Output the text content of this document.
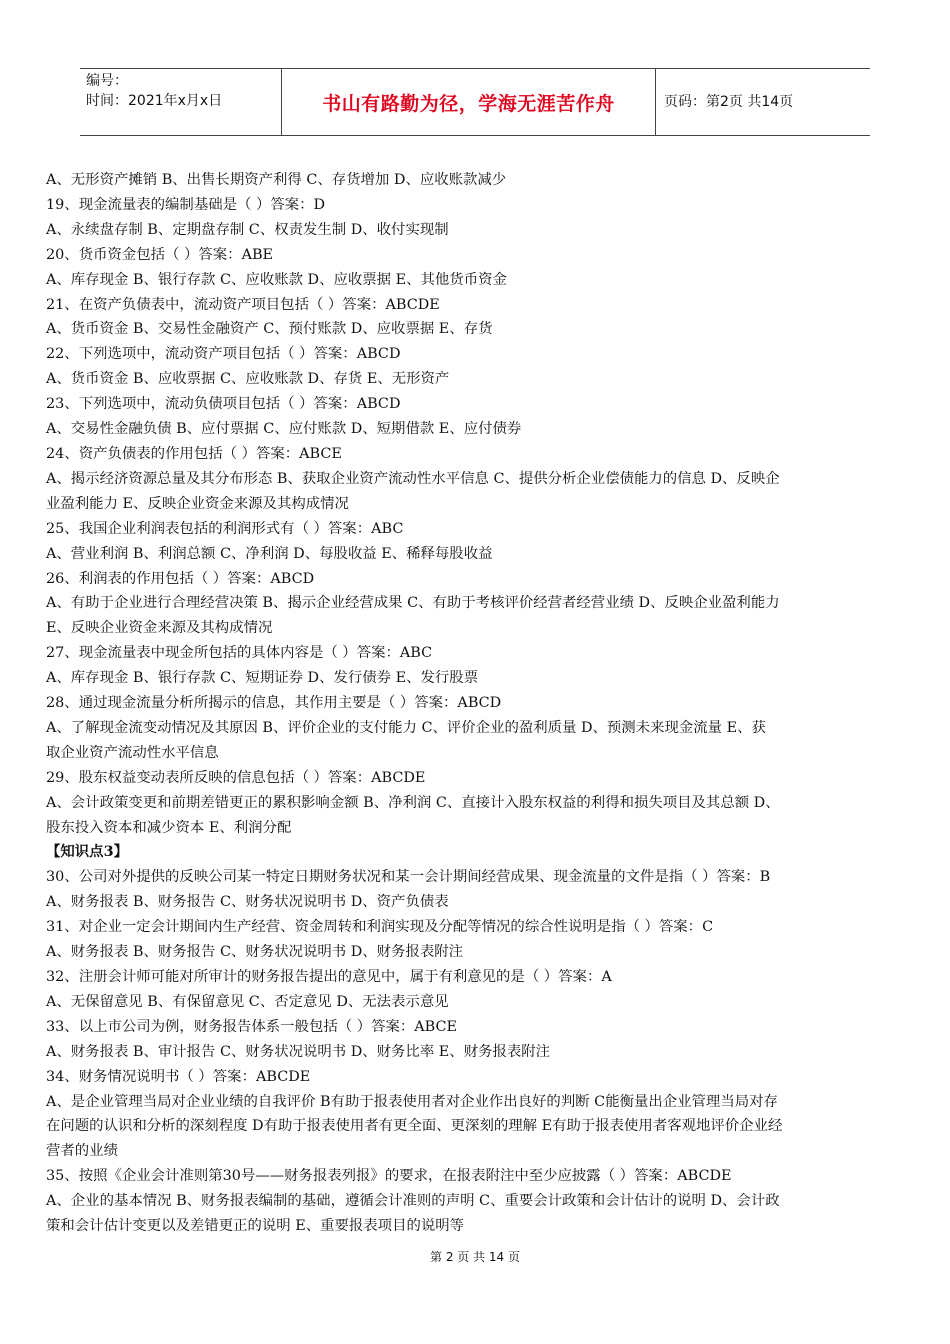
编号：
时间：2021年x月x日	书山有路勤为径，学海无涯苦作舟	页码：第2页 共14页
A、无形资产摊销 B、出售长期资产利得 C、存货增加 D、应收账款减少
19、现金流量表的编制基础是（ ）答案：D
A、永续盘存制 B、定期盘存制 C、权责发生制 D、收付实现制
20、货币资金包括（ ）答案：ABE
A、库存现金 B、银行存款 C、应收账款 D、应收票据 E、其他货币资金
21、在资产负债表中，流动资产项目包括（ ）答案：ABCDE
A、货币资金 B、交易性金融资产 C、预付账款 D、应收票据 E、存货
22、下列选项中，流动资产项目包括（ ）答案：ABCD
A、货币资金 B、应收票据 C、应收账款 D、存货 E、无形资产
23、下列选项中，流动负债项目包括（ ）答案：ABCD
A、交易性金融负债 B、应付票据 C、应付账款 D、短期借款 E、应付债券
24、资产负债表的作用包括（ ）答案：ABCE
A、揭示经济资源总量及其分布形态 B、获取企业资产流动性水平信息 C、提供分析企业偿债能力的信息 D、反映企
业盈利能力 E、反映企业资金来源及其构成情况
25、我国企业利润表包括的利润形式有（ ）答案：ABC
A、营业利润 B、利润总额 C、净利润 D、每股收益 E、稀释每股收益
26、利润表的作用包括（ ）答案：ABCD
A、有助于企业进行合理经营决策 B、揭示企业经营成果 C、有助于考核评价经营者经营业绩 D、反映企业盈利能力
E、反映企业资金来源及其构成情况
27、现金流量表中现金所包括的具体内容是（ ）答案：ABC
A、库存现金 B、银行存款 C、短期证券 D、发行债券 E、发行股票
28、通过现金流量分析所揭示的信息，其作用主要是（ ）答案：ABCD
A、了解现金流变动情况及其原因 B、评价企业的支付能力 C、评价企业的盈利质量 D、预测未来现金流量 E、获
取企业资产流动性水平信息
29、股东权益变动表所反映的信息包括（ ）答案：ABCDE
A、会计政策变更和前期差错更正的累积影响金额 B、净利润 C、直接计入股东权益的利得和损失项目及其总额 D、
股东投入资本和减少资本 E、利润分配
【知识点3】
30、公司对外提供的反映公司某一特定日期财务状况和某一会计期间经营成果、现金流量的文件是指（ ）答案：B
A、财务报表 B、财务报告 C、财务状况说明书 D、资产负债表
31、对企业一定会计期间内生产经营、资金周转和利润实现及分配等情况的综合性说明是指（ ）答案：C
A、财务报表 B、财务报告 C、财务状况说明书 D、财务报表附注
32、注册会计师可能对所审计的财务报告提出的意见中，属于有利意见的是（ ）答案：A
A、无保留意见 B、有保留意见 C、否定意见 D、无法表示意见
33、以上市公司为例，财务报告体系一般包括（ ）答案：ABCE
A、财务报表 B、审计报告 C、财务状况说明书 D、财务比率 E、财务报表附注
34、财务情况说明书（ ）答案：ABCDE
A、是企业管理当局对企业业绩的自我评价 B有助于报表使用者对企业作出良好的判断 C能衡量出企业管理当局对存
在问题的认识和分析的深刻程度 D有助于报表使用者有更全面、更深刻的理解 E有助于报表使用者客观地评价企业经
营者的业绩
35、按照《企业会计准则第30号——财务报表列报》的要求，在报表附注中至少应披露（ ）答案：ABCDE
A、企业的基本情况 B、财务报表编制的基础，遵循会计准则的声明 C、重要会计政策和会计估计的说明 D、会计政
策和会计估计变更以及差错更正的说明 E、重要报表项目的说明等
第 2 页 共 14 页
